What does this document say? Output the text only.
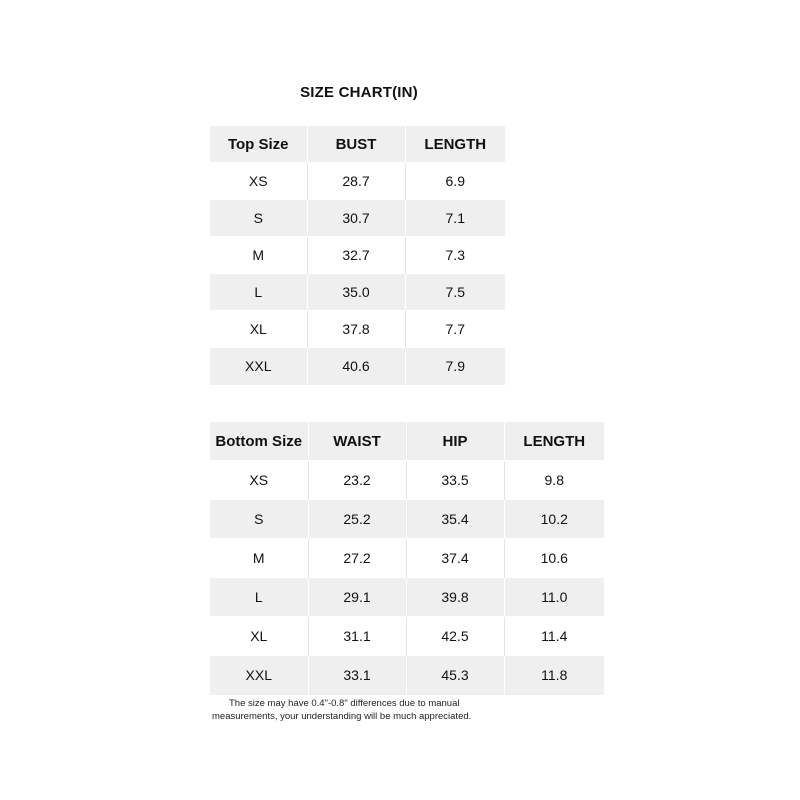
SIZE CHART(IN)
Top Size	BUST	LENGTH
XS	28.7	6.9
S	30.7	7.1
M	32.7	7.3
L	35.0	7.5
XL	37.8	7.7
XXL	40.6	7.9
Bottom Size	WAIST	HIP	LENGTH
XS	23.2	33.5	9.8
S	25.2	35.4	10.2
M	27.2	37.4	10.6
L	29.1	39.8	11.0
XL	31.1	42.5	11.4
XXL	33.1	45.3	11.8
The size may have 0.4"-0.8" differences due to manual
measurements, your understanding will be much appreciated.
